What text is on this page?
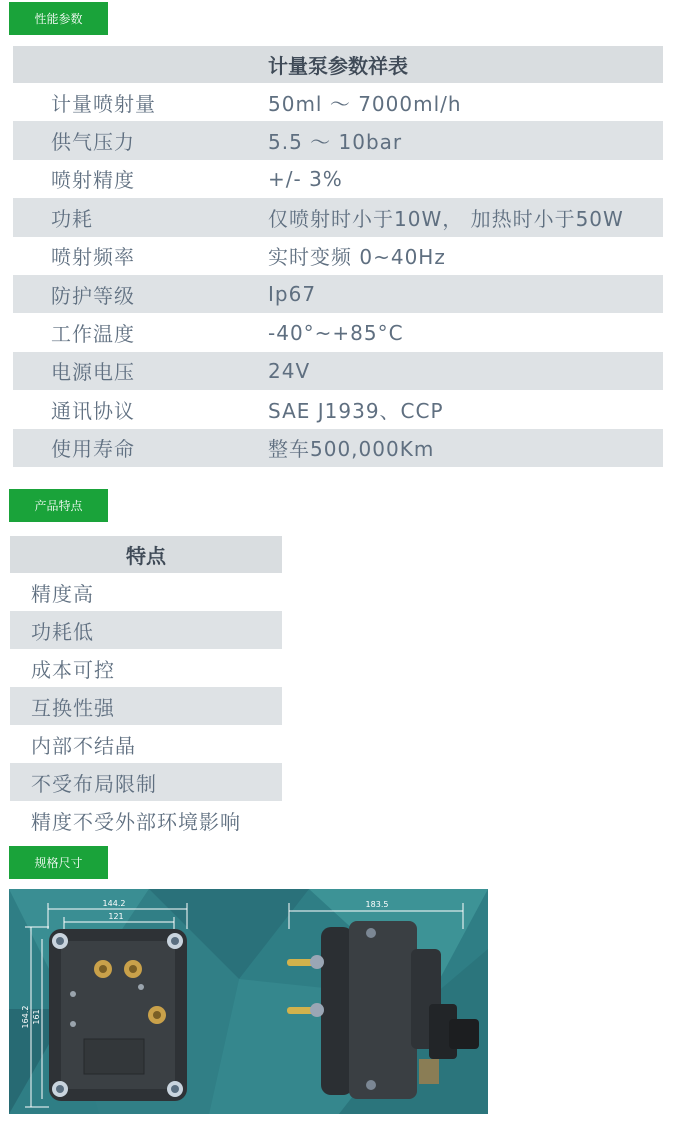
性能参数
计量泵参数祥表
计量喷射量	50ml ～ 7000ml/h
供气压力	5.5 ～ 10bar
喷射精度	+/- 3%
功耗	仅喷射时小于10W， 加热时小于50W
喷射频率	实时变频 0~40Hz
防护等级	Ip67
工作温度	-40°~+85°C
电源电压	24V
通讯协议	SAE J1939、CCP
使用寿命	整车500,000Km
产品特点
特点
精度高
功耗低
成本可控
互换性强
内部不结晶
不受布局限制
精度不受外部环境影响
规格尺寸
144.2
121
164.2 161
183.5
